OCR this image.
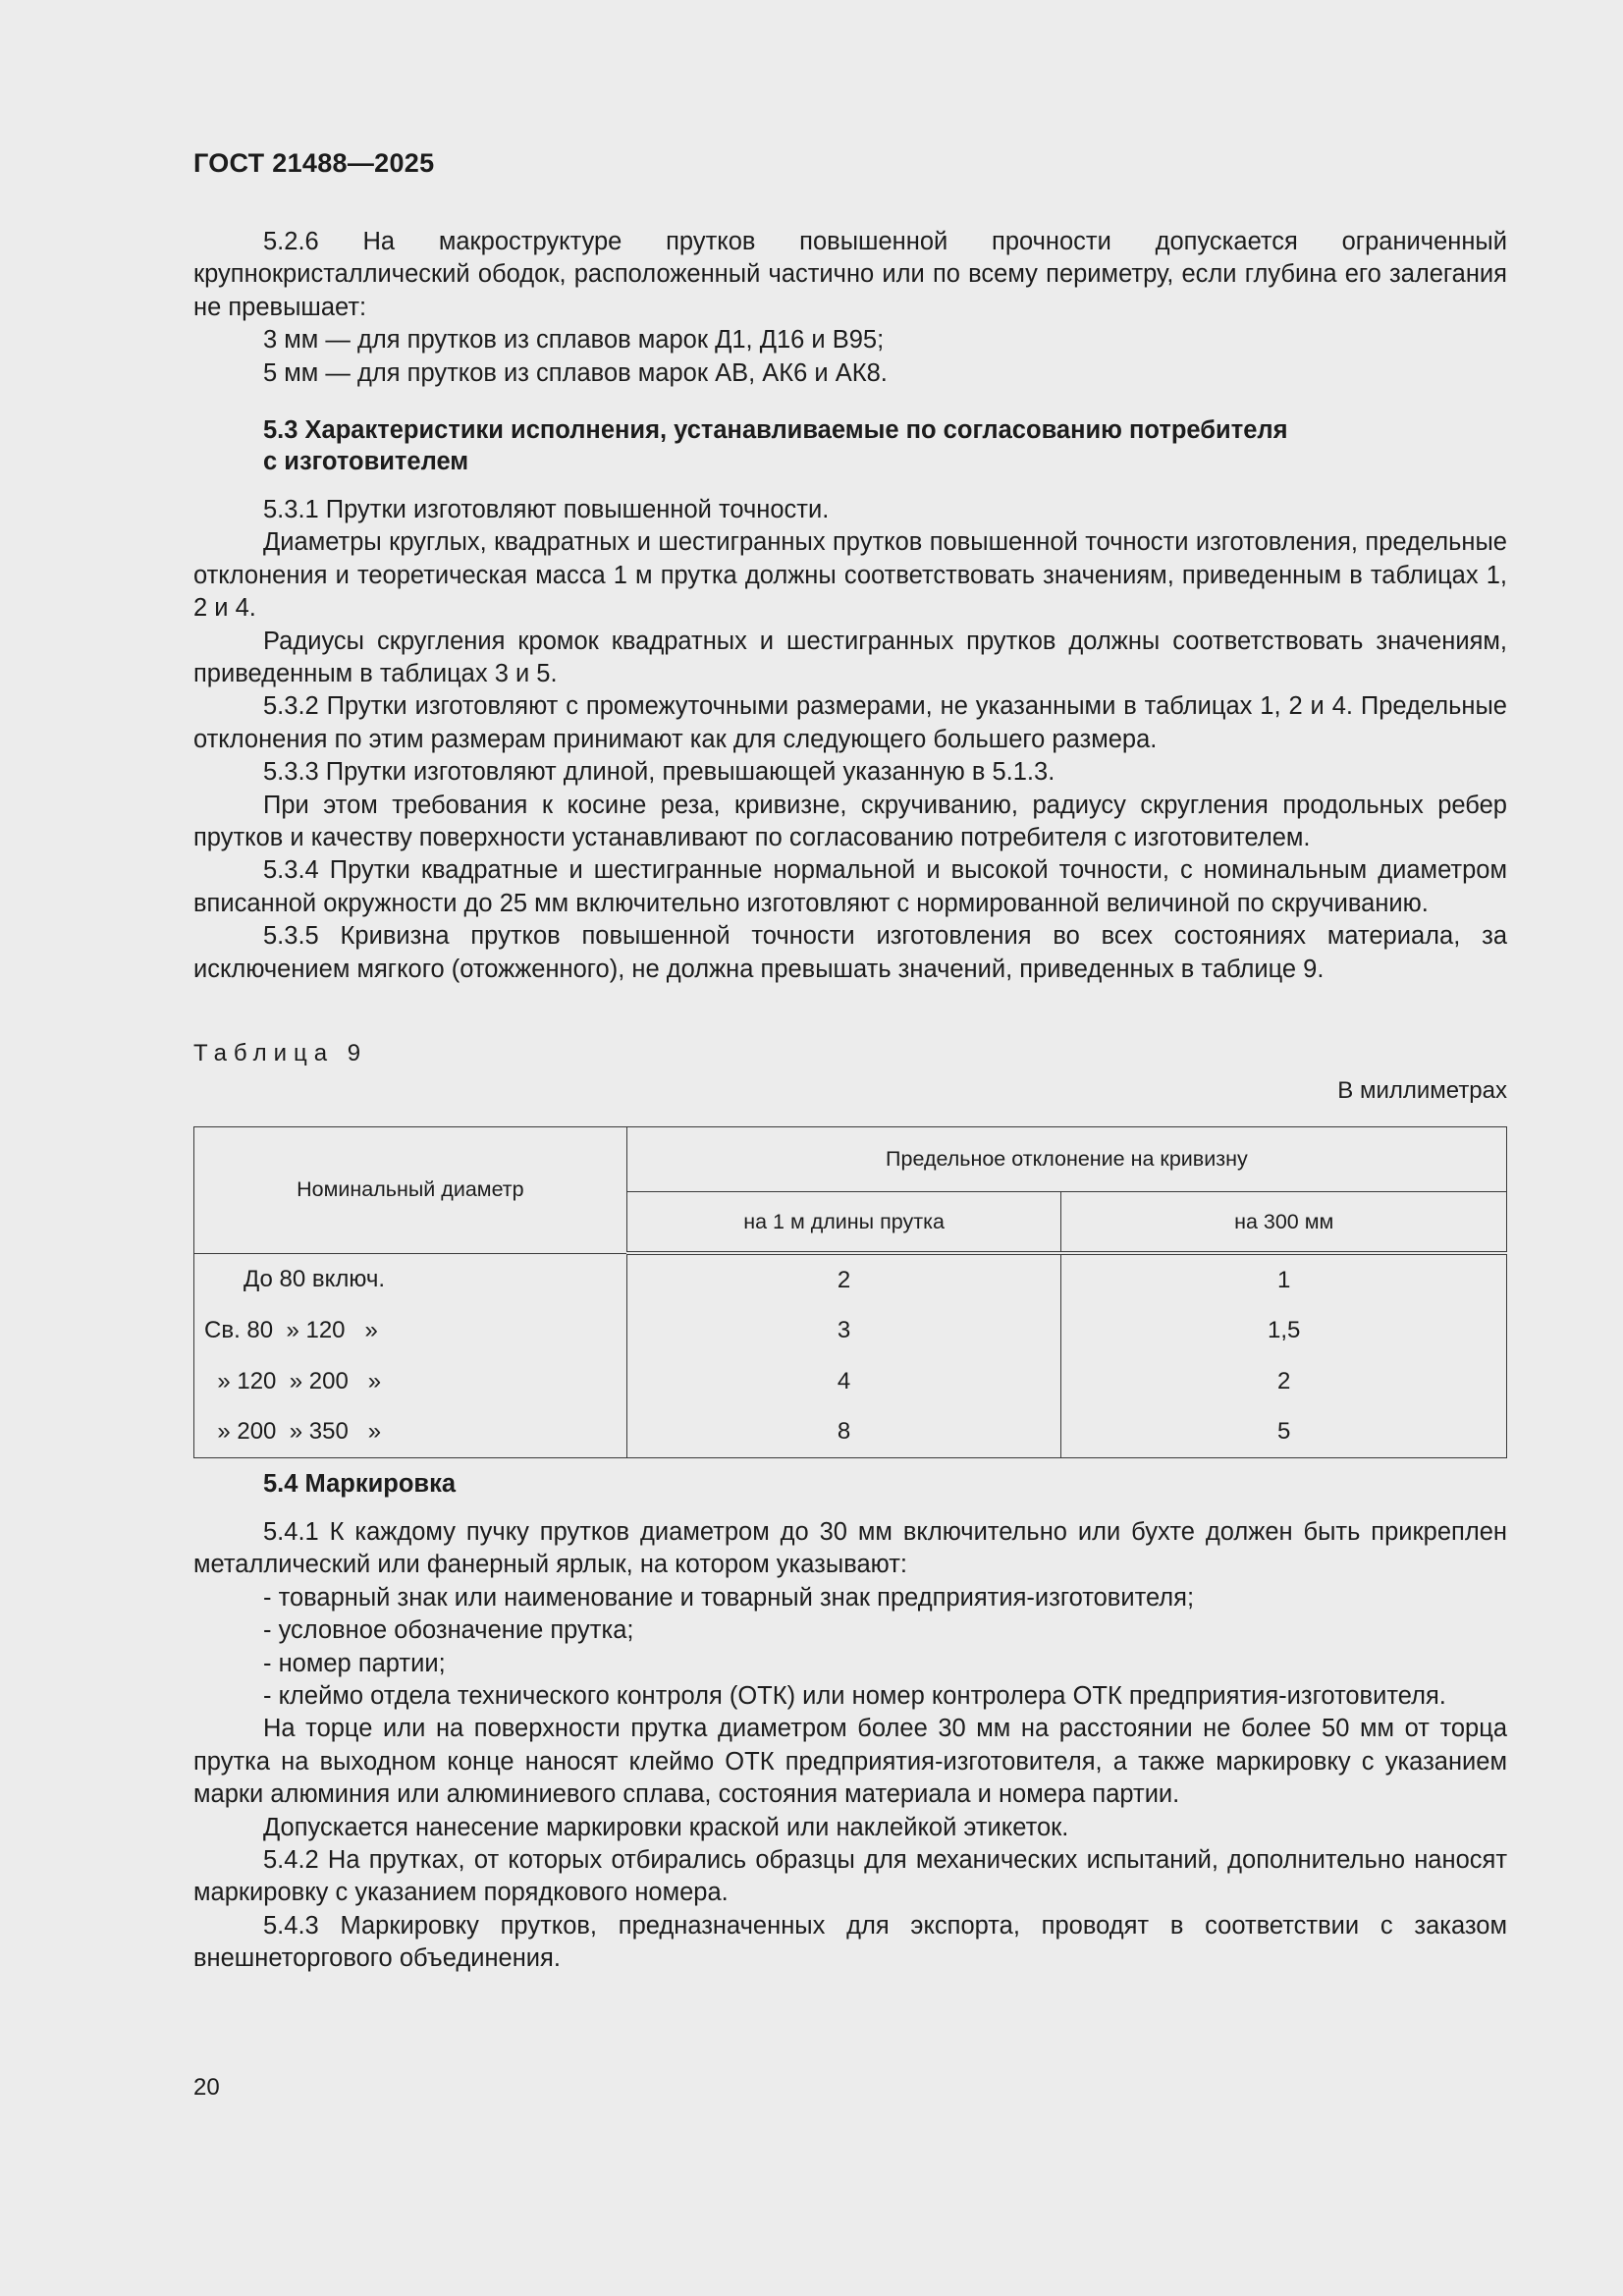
ГОСТ 21488—2025

5.2.6 На макроструктуре прутков повышенной прочности допускается ограниченный крупнокристаллический ободок, расположенный частично или по всему периметру, если глубина его залегания не превышает:

3 мм — для прутков из сплавов марок Д1, Д16 и В95;

5 мм — для прутков из сплавов марок АВ, АК6 и АК8.

5.3 Характеристики исполнения, устанавливаемые по согласованию потребителя
с изготовителем

5.3.1 Прутки изготовляют повышенной точности.

Диаметры круглых, квадратных и шестигранных прутков повышенной точности изготовления, предельные отклонения и теоретическая масса 1 м прутка должны соответствовать значениям, приведенным в таблицах 1, 2 и 4.

Радиусы скругления кромок квадратных и шестигранных прутков должны соответствовать значениям, приведенным в таблицах 3 и 5.

5.3.2 Прутки изготовляют с промежуточными размерами, не указанными в таблицах 1, 2 и 4. Предельные отклонения по этим размерам принимают как для следующего большего размера.

5.3.3 Прутки изготовляют длиной, превышающей указанную в 5.1.3.

При этом требования к косине реза, кривизне, скручиванию, радиусу скругления продольных ребер прутков и качеству поверхности устанавливают по согласованию потребителя с изготовителем.

5.3.4 Прутки квадратные и шестигранные нормальной и высокой точности, с номинальным диаметром вписанной окружности до 25 мм включительно изготовляют с нормированной величиной по скручиванию.

5.3.5 Кривизна прутков повышенной точности изготовления во всех состояниях материала, за исключением мягкого (отожженного), не должна превышать значений, приведенных в таблице 9.

Таблица 9
В миллиметрах
Номинальный диаметр	Предельное отклонение на кривизну	
	на 1 м длины прутка	на 300 мм
До 80 включ.	2	1
Св. 80  » 120   »	3	1,5
» 120  » 200   »	4	2
» 200  » 350   »	8	5

5.4 Маркировка

5.4.1 К каждому пучку прутков диаметром до 30 мм включительно или бухте должен быть прикреплен металлический или фанерный ярлык, на котором указывают:

- товарный знак или наименование и товарный знак предприятия-изготовителя;

- условное обозначение прутка;

- номер партии;

- клеймо отдела технического контроля (ОТК) или номер контролера ОТК предприятия-изготовителя.

На торце или на поверхности прутка диаметром более 30 мм на расстоянии не более 50 мм от торца прутка на выходном конце наносят клеймо ОТК предприятия-изготовителя, а также маркировку с указанием марки алюминия или алюминиевого сплава, состояния материала и номера партии.

Допускается нанесение маркировки краской или наклейкой этикеток.

5.4.2 На прутках, от которых отбирались образцы для механических испытаний, дополнительно наносят маркировку с указанием порядкового номера.

5.4.3 Маркировку прутков, предназначенных для экспорта, проводят в соответствии с заказом внешнеторгового объединения.

20
